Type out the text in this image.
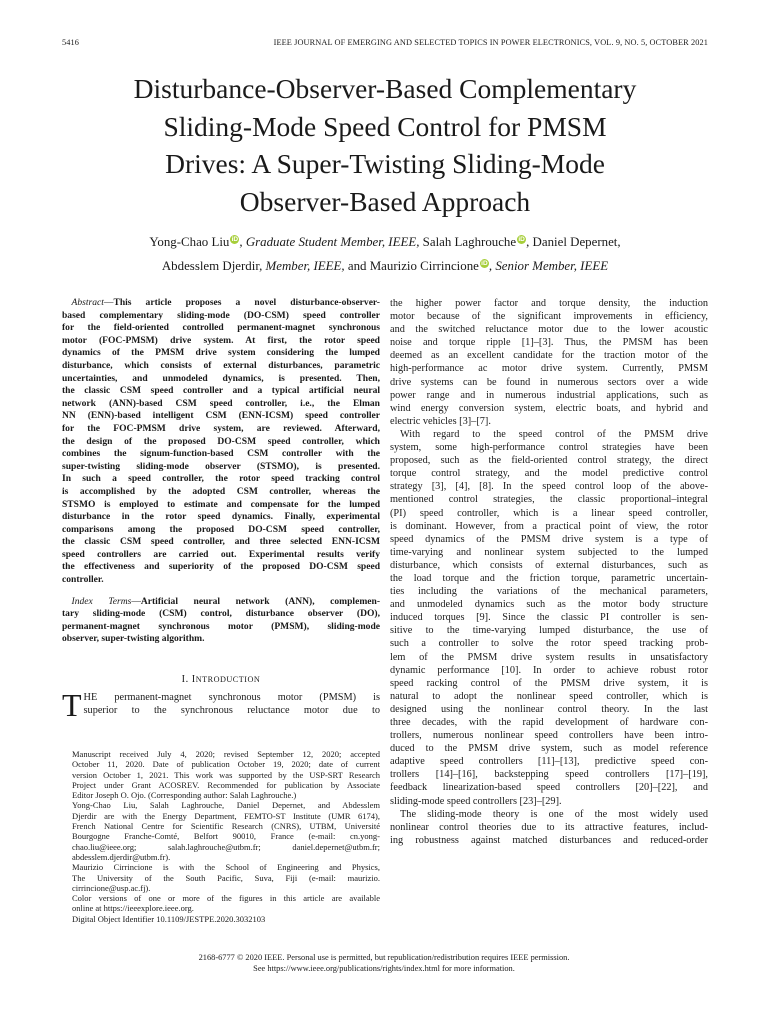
5416	IEEE JOURNAL OF EMERGING AND SELECTED TOPICS IN POWER ELECTRONICS, VOL. 9, NO. 5, OCTOBER 2021
Disturbance-Observer-Based Complementary
Sliding-Mode Speed Control for PMSM
Drives: A Super-Twisting Sliding-Mode
Observer-Based Approach
Yong-Chao Liu iD, Graduate Student Member, IEEE, Salah Laghrouche iD, Daniel Depernet,
Abdesslem Djerdir, Member, IEEE, and Maurizio Cirrincione iD, Senior Member, IEEE
 Abstract—This article proposes a novel disturbance-observer-
based complementary sliding-mode (DO-CSM) speed controller
for the field-oriented controlled permanent-magnet synchronous
motor (FOC-PMSM) drive system. At first, the rotor speed
dynamics of the PMSM drive system considering the lumped
disturbance, which consists of external disturbances, parametric
uncertainties, and unmodeled dynamics, is presented. Then,
the classic CSM speed controller and a typical artificial neural
network (ANN)-based CSM speed controller, i.e., the Elman
NN (ENN)-based intelligent CSM (ENN-ICSM) speed controller
for the FOC-PMSM drive system, are reviewed. Afterward,
the design of the proposed DO-CSM speed controller, which
combines the signum-function-based CSM controller with the
super-twisting sliding-mode observer (STSMO), is presented.
In such a speed controller, the rotor speed tracking control
is accomplished by the adopted CSM controller, whereas the
STSMO is employed to estimate and compensate for the lumped
disturbance in the rotor speed dynamics. Finally, experimental
comparisons among the proposed DO-CSM speed controller,
the classic CSM speed controller, and three selected ENN-ICSM
speed controllers are carried out. Experimental results verify
the effectiveness and superiority of the proposed DO-CSM speed
controller.
 Index Terms—Artificial neural network (ANN), complemen-
tary sliding-mode (CSM) control, disturbance observer (DO),
permanent-magnet synchronous motor (PMSM), sliding-mode
observer, super-twisting algorithm.
I. INTRODUCTION
T HE permanent-magnet synchronous motor (PMSM) is
superior to the synchronous reluctance motor due to

Manuscript received July 4, 2020; revised September 12, 2020; accepted
October 11, 2020. Date of publication October 19, 2020; date of current
version October 1, 2021. This work was supported by the USP-SRT Research
Project under Grant ACOSREV. Recommended for publication by Associate
Editor Joseph O. Ojo. (Corresponding author: Salah Laghrouche.)

Yong-Chao Liu, Salah Laghrouche, Daniel Depernet, and Abdesslem
Djerdir are with the Energy Department, FEMTO-ST Institute (UMR 6174),
French National Centre for Scientific Research (CNRS), UTBM, Université
Bourgogne Franche-Comté, Belfort 90010, France (e-mail: cn.yong-
chao.liu@ieee.org; salah.laghrouche@utbm.fr; daniel.depernet@utbm.fr;
abdesslem.djerdir@utbm.fr).

Maurizio Cirrincione is with the School of Engineering and Physics,
The University of the South Pacific, Suva, Fiji (e-mail: maurizio.
cirrincione@usp.ac.fj).

Color versions of one or more of the figures in this article are available
online at https://ieeexplore.ieee.org.

Digital Object Identifier 10.1109/JESTPE.2020.3032103

the higher power factor and torque density, the induction
motor because of the significant improvements in efficiency,
and the switched reluctance motor due to the lower acoustic
noise and torque ripple [1]–[3]. Thus, the PMSM has been
deemed as an excellent candidate for the traction motor of the
high-performance ac motor drive system. Currently, PMSM
drive systems can be found in numerous sectors over a wide
power range and in numerous industrial applications, such as
wind energy conversion system, electric boats, and hybrid and
electric vehicles [3]–[7].
With regard to the speed control of the PMSM drive
system, some high-performance control strategies have been
proposed, such as the field-oriented control strategy, the direct
torque control strategy, and the model predictive control
strategy [3], [4], [8]. In the speed control loop of the above-
mentioned control strategies, the classic proportional–integral
(PI) speed controller, which is a linear speed controller,
is dominant. However, from a practical point of view, the rotor
speed dynamics of the PMSM drive system is a type of
time-varying and nonlinear system subjected to the lumped
disturbance, which consists of external disturbances, such as
the load torque and the friction torque, parametric uncertain-
ties including the variations of the mechanical parameters,
and unmodeled dynamics such as the motor body structure
induced torques [9]. Since the classic PI controller is sen-
sitive to the time-varying lumped disturbance, the use of
such a controller to solve the rotor speed tracking prob-
lem of the PMSM drive system results in unsatisfactory
dynamic performance [10]. In order to achieve robust rotor
speed racking control of the PMSM drive system, it is
natural to adopt the nonlinear speed controller, which is
designed using the nonlinear control theory. In the last
three decades, with the rapid development of hardware con-
trollers, numerous nonlinear speed controllers have been intro-
duced to the PMSM drive system, such as model reference
adaptive speed controllers [11]–[13], predictive speed con-
trollers [14]–[16], backstepping speed controllers [17]–[19],
feedback linearization-based speed controllers [20]–[22], and
sliding-mode speed controllers [23]–[29].
The sliding-mode theory is one of the most widely used
nonlinear control theories due to its attractive features, includ-
ing robustness against matched disturbances and reduced-order
2168-6777 © 2020 IEEE. Personal use is permitted, but republication/redistribution requires IEEE permission.
See https://www.ieee.org/publications/rights/index.html for more information.
